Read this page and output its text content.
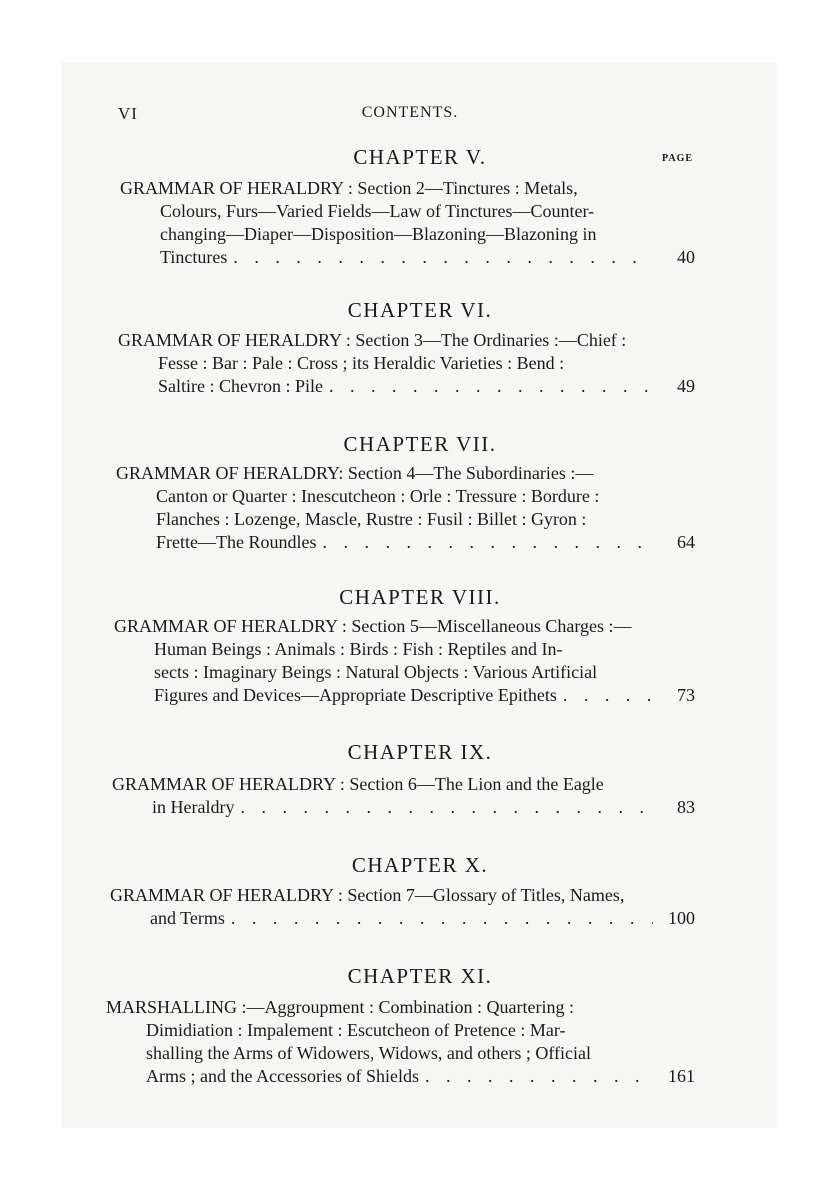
VI	CONTENTS.
PAGE
CHAPTER V.
GRAMMAR OF HERALDRY : Section 2—Tinctures : Metals,
Colours, Furs—Varied Fields—Law of Tinctures—Counter-
changing—Diaper—Disposition—Blazoning—Blazoning in
Tinctures . . .	40
CHAPTER VI.
GRAMMAR OF HERALDRY : Section 3—The Ordinaries :—Chief :
Fesse : Bar : Pale : Cross ; its Heraldic Varieties : Bend :
Saltire : Chevron : Pile . . .	49
CHAPTER VII.
GRAMMAR OF HERALDRY: Section 4—The Subordinaries :—
Canton or Quarter : Inescutcheon : Orle : Tressure : Bordure :
Flanches : Lozenge, Mascle, Rustre : Fusil : Billet : Gyron :
Frette—The Roundles . . .	64
CHAPTER VIII.
GRAMMAR OF HERALDRY : Section 5—Miscellaneous Charges :—
Human Beings : Animals : Birds : Fish : Reptiles and In-
sects : Imaginary Beings : Natural Objects : Various Artificial
Figures and Devices—Appropriate Descriptive Epithets . . .	73
CHAPTER IX.
GRAMMAR OF HERALDRY : Section 6—The Lion and the Eagle
in Heraldry . . .	83
CHAPTER X.
GRAMMAR OF HERALDRY : Section 7—Glossary of Titles, Names,
and Terms . . .	100
CHAPTER XI.
MARSHALLING :—Aggroupment : Combination : Quartering :
Dimidiation : Impalement : Escutcheon of Pretence : Mar-
shalling the Arms of Widowers, Widows, and others ; Official
Arms ; and the Accessories of Shields . . .	161
